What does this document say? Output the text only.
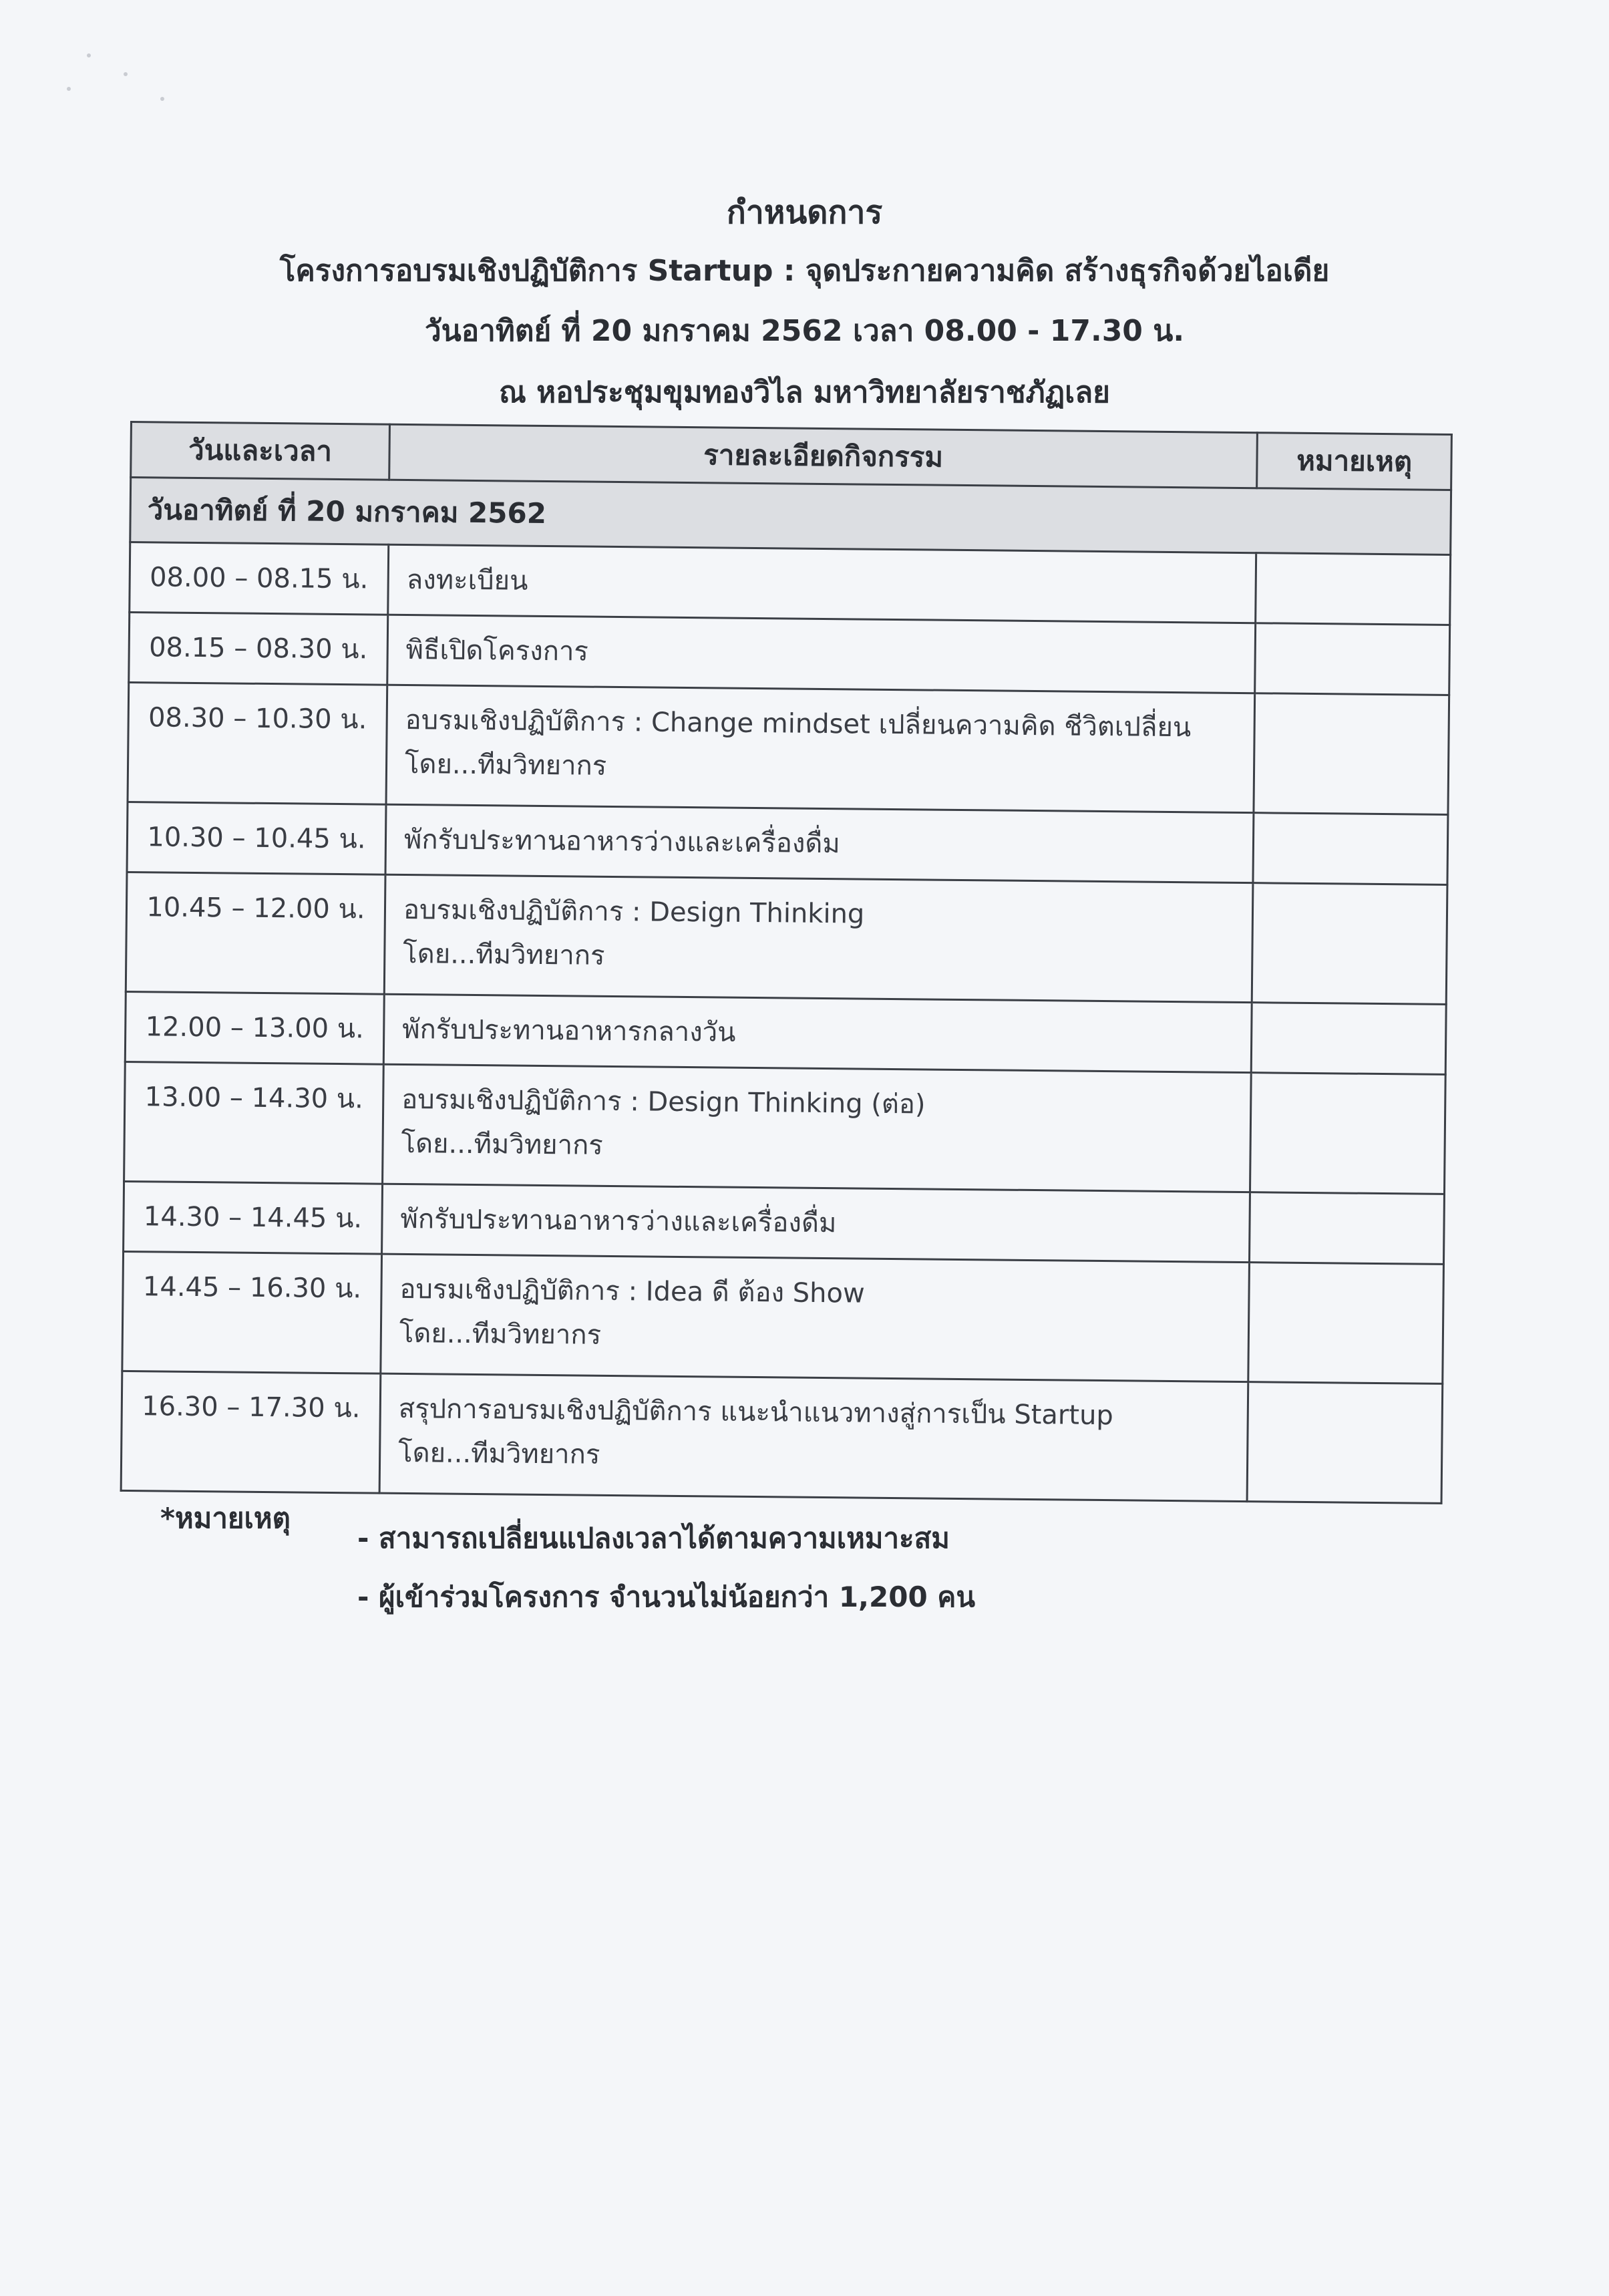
กำหนดการ
โครงการอบรมเชิงปฏิบัติการ Startup : จุดประกายความคิด สร้างธุรกิจด้วยไอเดีย
วันอาทิตย์ ที่ 20 มกราคม 2562 เวลา 08.00 - 17.30 น.
ณ หอประชุมขุมทองวิไล มหาวิทยาลัยราชภัฏเลย
วันและเวลา	รายละเอียดกิจกรรม	หมายเหตุ
วันอาทิตย์ ที่ 20 มกราคม 2562		
08.00 – 08.15 น.	ลงทะเบียน	

08.15 – 08.30 น.	พิธีเปิดโครงการ	

08.30 – 10.30 น.	อบรมเชิงปฏิบัติการ : Change mindset เปลี่ยนความคิด ชีวิตเปลี่ยน
โดย...ทีมวิทยากร	

10.30 – 10.45 น.	พักรับประทานอาหารว่างและเครื่องดื่ม	

10.45 – 12.00 น.	อบรมเชิงปฏิบัติการ : Design Thinking
โดย...ทีมวิทยากร	

12.00 – 13.00 น.	พักรับประทานอาหารกลางวัน	

13.00 – 14.30 น.	อบรมเชิงปฏิบัติการ : Design Thinking (ต่อ)
โดย...ทีมวิทยากร	

14.30 – 14.45 น.	พักรับประทานอาหารว่างและเครื่องดื่ม	

14.45 – 16.30 น.	อบรมเชิงปฏิบัติการ : Idea ดี ต้อง Show
โดย...ทีมวิทยากร	

16.30 – 17.30 น.	สรุปการอบรมเชิงปฏิบัติการ แนะนำแนวทางสู่การเป็น Startup
โดย...ทีมวิทยากร	

*หมายเหตุ
- สามารถเปลี่ยนแปลงเวลาได้ตามความเหมาะสม
- ผู้เข้าร่วมโครงการ จำนวนไม่น้อยกว่า 1,200 คน
